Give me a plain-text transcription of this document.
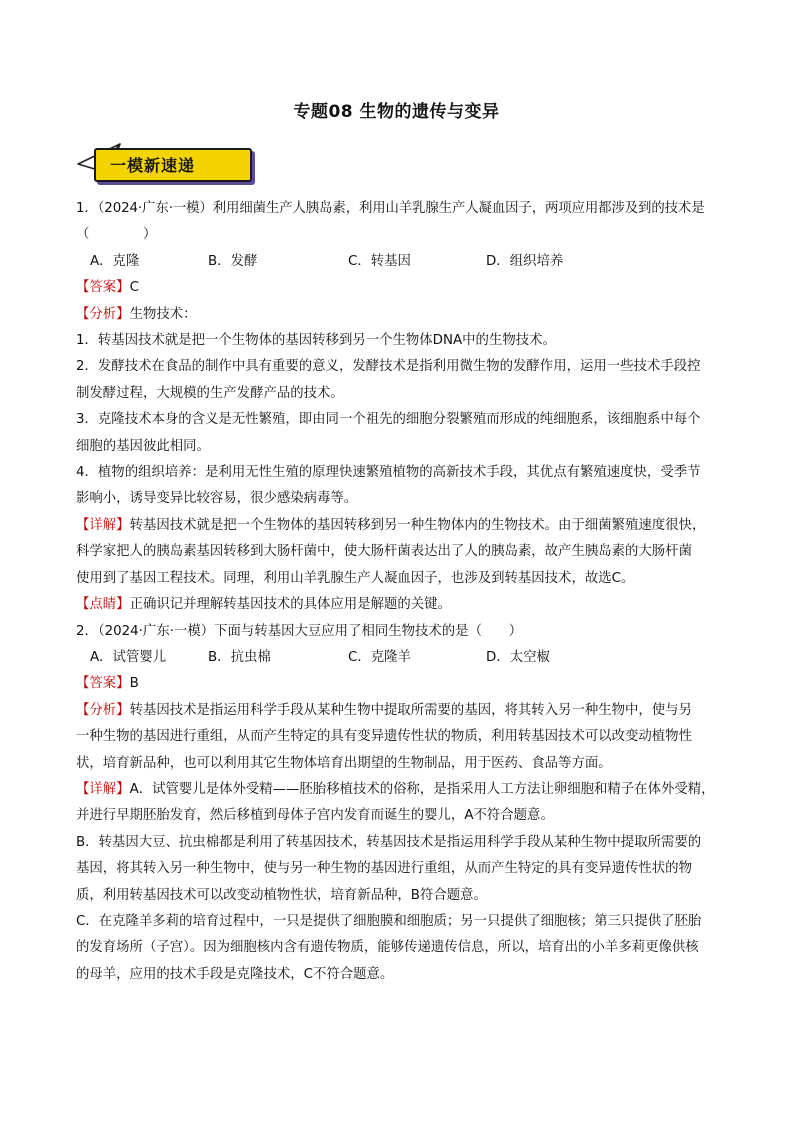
专题08 生物的遗传与变异
一模新速递

1．（2024·广东·一模）利用细菌生产人胰岛素，利用山羊乳腺生产人凝血因子，两项应用都涉及到的技术是

（　　　　）

A．克隆	B．发酵	C．转基因	D．组织培养

【答案】C

【分析】生物技术：

1．转基因技术就是把一个生物体的基因转移到另一个生物体DNA中的生物技术。

2．发酵技术在食品的制作中具有重要的意义，发酵技术是指利用微生物的发酵作用，运用一些技术手段控

制发酵过程，大规模的生产发酵产品的技术。

3．克隆技术本身的含义是无性繁殖，即由同一个祖先的细胞分裂繁殖而形成的纯细胞系，该细胞系中每个

细胞的基因彼此相同。

4．植物的组织培养：是利用无性生殖的原理快速繁殖植物的高新技术手段，其优点有繁殖速度快，受季节

影响小，诱导变异比较容易，很少感染病毒等。

【详解】转基因技术就是把一个生物体的基因转移到另一种生物体内的生物技术。由于细菌繁殖速度很快，

科学家把人的胰岛素基因转移到大肠杆菌中，使大肠杆菌表达出了人的胰岛素，故产生胰岛素的大肠杆菌

使用到了基因工程技术。同理，利用山羊乳腺生产人凝血因子，也涉及到转基因技术，故选C。

【点睛】正确识记并理解转基因技术的具体应用是解题的关键。

2．（2024·广东·一模）下面与转基因大豆应用了相同生物技术的是（　　）

A．试管婴儿	B．抗虫棉	C．克隆羊	D．太空椒

【答案】B

【分析】转基因技术是指运用科学手段从某种生物中提取所需要的基因，将其转入另一种生物中，使与另

一种生物的基因进行重组，从而产生特定的具有变异遗传性状的物质，利用转基因技术可以改变动植物性

状，培育新品种，也可以利用其它生物体培育出期望的生物制品，用于医药、食品等方面。

【详解】A．试管婴儿是体外受精——胚胎移植技术的俗称，是指采用人工方法让卵细胞和精子在体外受精，

并进行早期胚胎发育，然后移植到母体子宫内发育而诞生的婴儿，A不符合题意。

B．转基因大豆、抗虫棉都是利用了转基因技术，转基因技术是指运用科学手段从某种生物中提取所需要的

基因，将其转入另一种生物中，使与另一种生物的基因进行重组，从而产生特定的具有变异遗传性状的物

质，利用转基因技术可以改变动植物性状，培育新品种，B符合题意。

C．在克隆羊多莉的培育过程中，一只是提供了细胞膜和细胞质；另一只提供了细胞核；第三只提供了胚胎

的发育场所（子宫）。因为细胞核内含有遗传物质，能够传递遗传信息，所以，培育出的小羊多莉更像供核

的母羊，应用的技术手段是克隆技术，C不符合题意。
